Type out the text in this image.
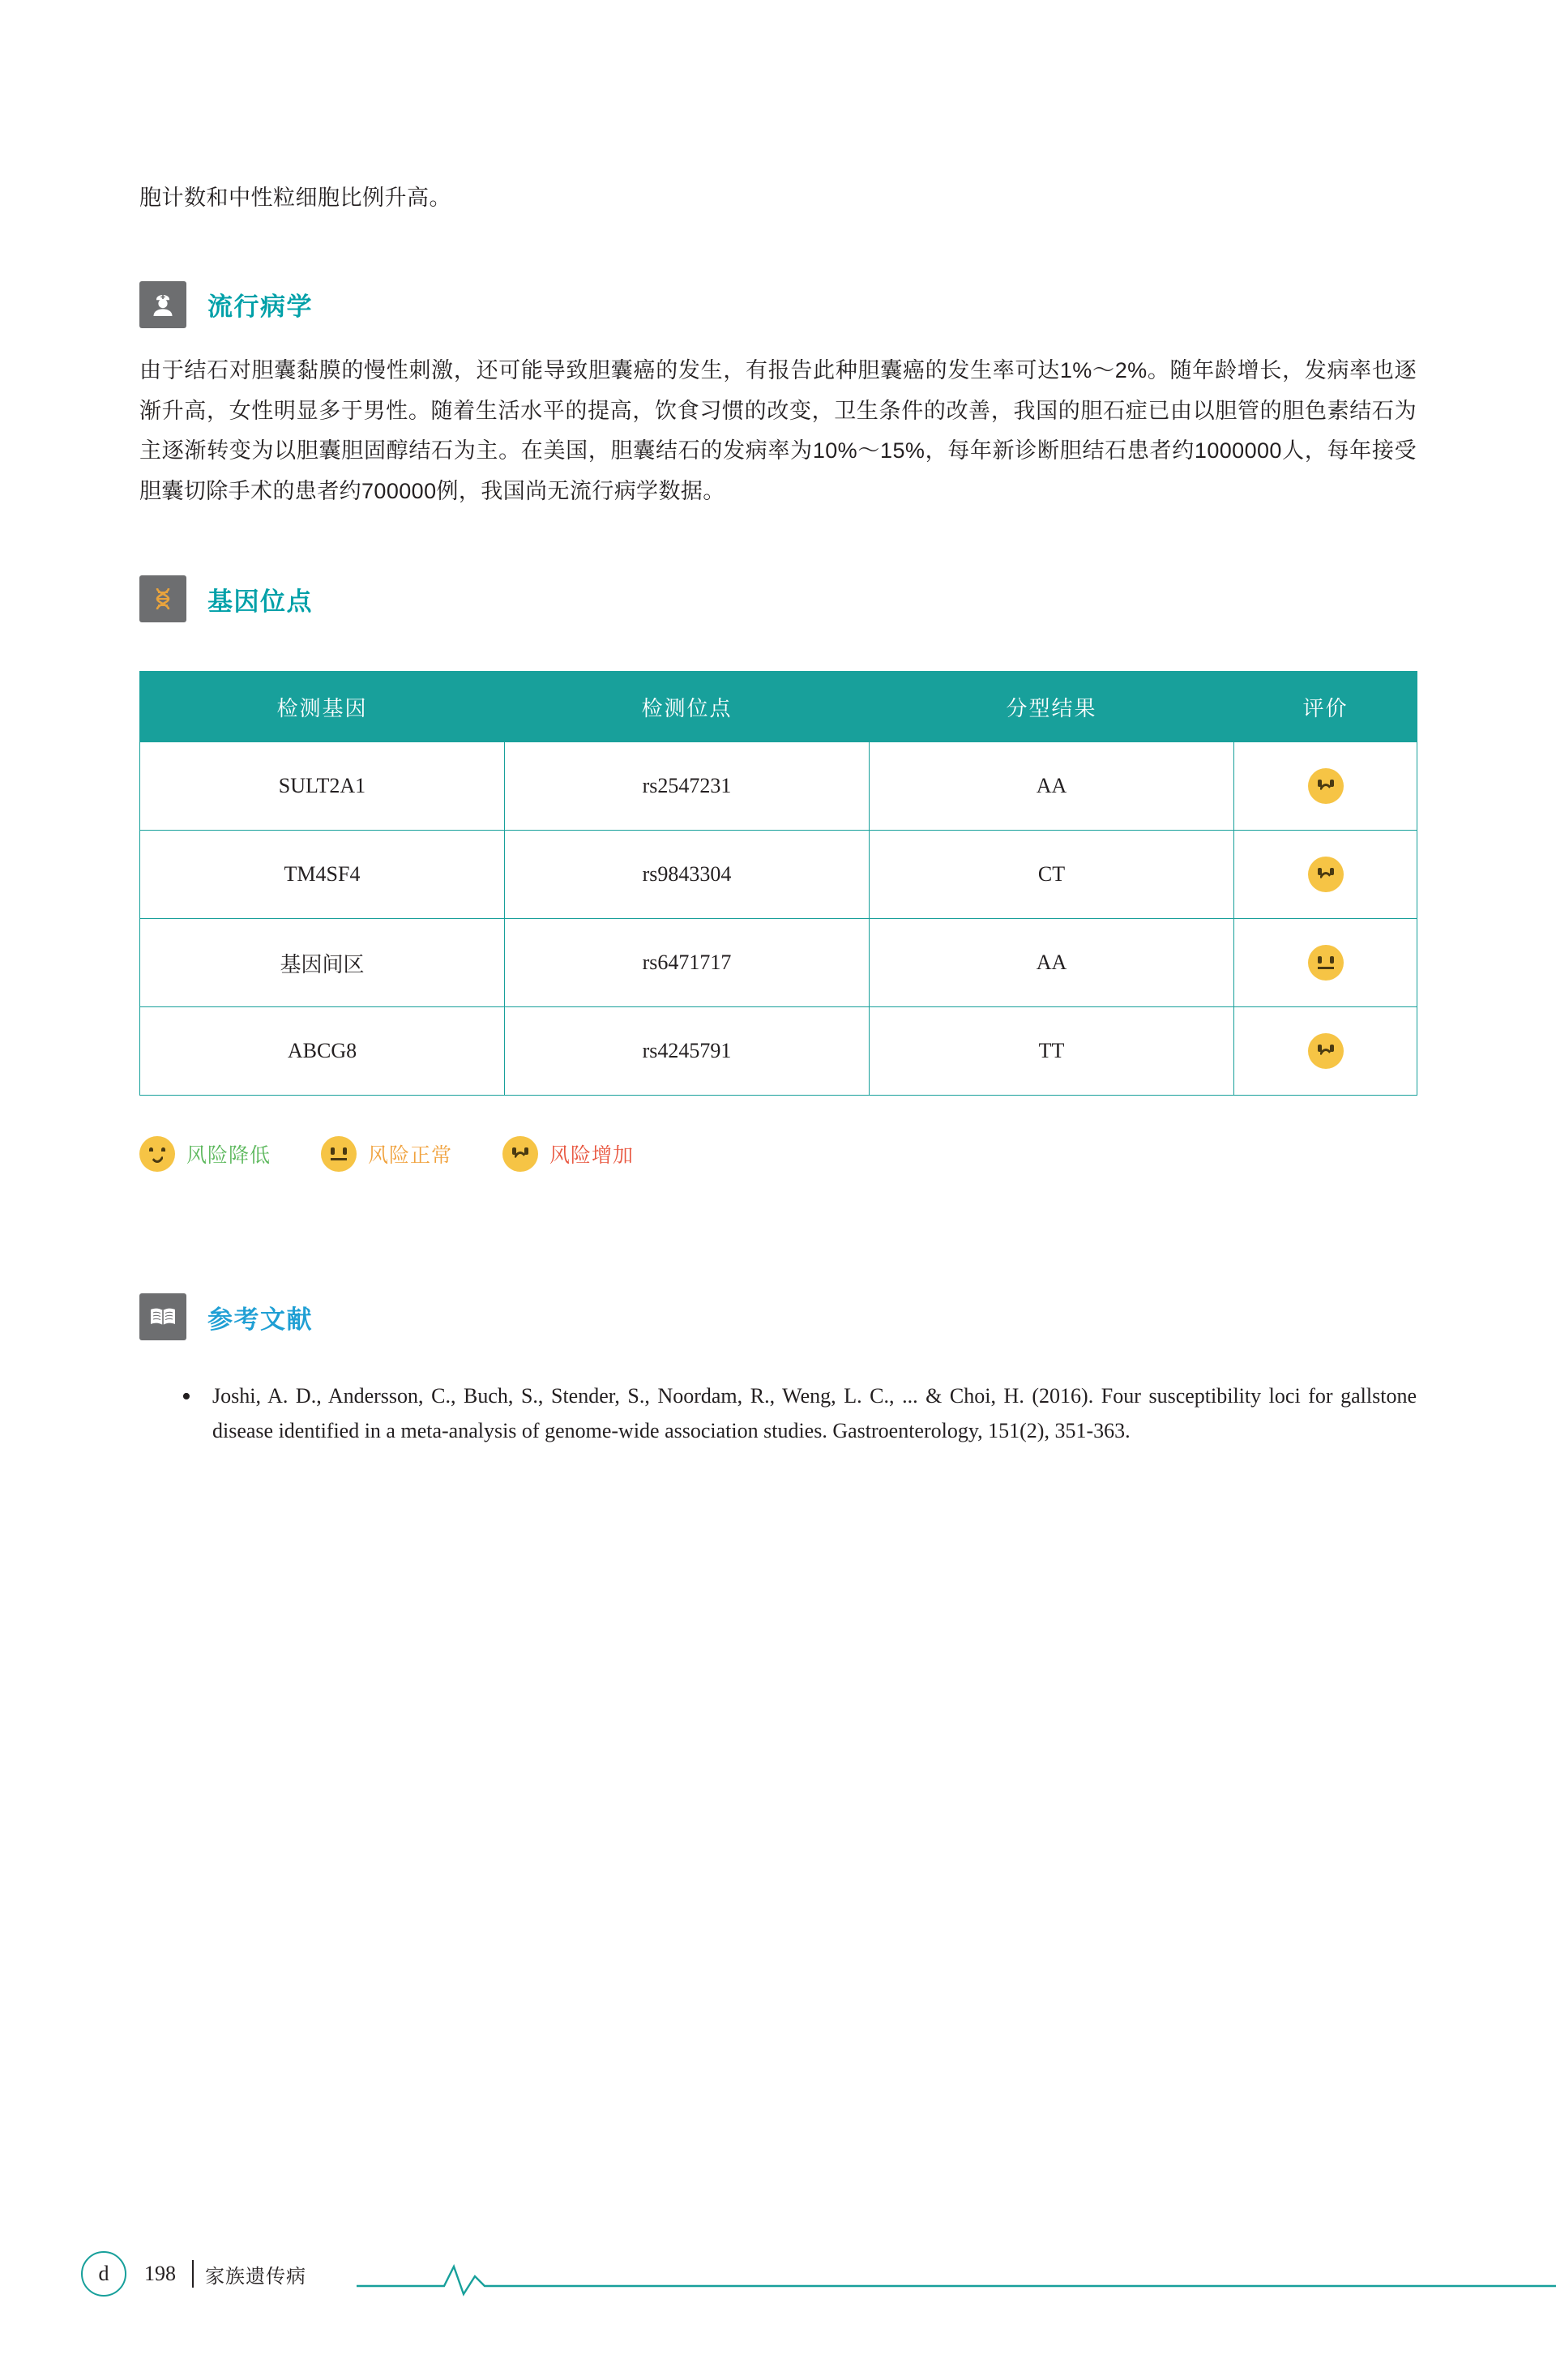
胞计数和中性粒细胞比例升高。
流行病学
由于结石对胆囊黏膜的慢性刺激，还可能导致胆囊癌的发生，有报告此种胆囊癌的发生率可达1%～2%。随年龄增长，发病率也逐渐升高，女性明显多于男性。随着生活水平的提高，饮食习惯的改变，卫生条件的改善，我国的胆石症已由以胆管的胆色素结石为主逐渐转变为以胆囊胆固醇结石为主。在美国，胆囊结石的发病率为10%～15%，每年新诊断胆结石患者约1000000人，每年接受胆囊切除手术的患者约700000例，我国尚无流行病学数据。
基因位点
检测基因	检测位点	分型结果	评价
SULT2A1	rs2547231	AA	

TM4SF4	rs9843304	CT	

基因间区	rs6471717	AA	

ABCG8	rs4245791	TT	
风险降低	风险正常	风险增加
参考文献
• Joshi, A. D., Andersson, C., Buch, S., Stender, S., Noordam, R., Weng, L. C., ... & Choi, H. (2016). Four susceptibility loci for gallstone disease identified in a meta-analysis of genome-wide association studies. Gastroenterology, 151(2), 351-363.
d	198 家族遗传病
